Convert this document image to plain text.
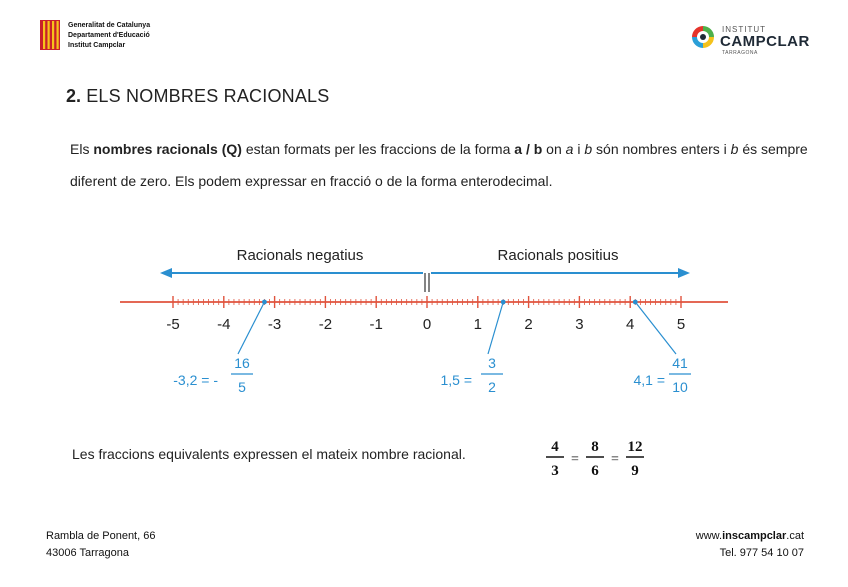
Generalitat de Catalunya
Departament d'Educació
Institut Campclar
INSTITUT
CAMPCLAR
TARRAGONA
2. ELS NOMBRES RACIONALS
Els nombres racionals (Q) estan formats per les fraccions de la forma a / b on a i b són nombres enters i b és sempre diferent de zero. Els podem expressar en fracció o de la forma enterodecimal.
Racionals negatius	Racionals positius
-5 -4 -3 -2 -1	0	1	2	3	4	5
-3,2 = -
16
5	1,5 =
3
2	4,1 =
41
10
Les fraccions equivalents expressen el mateix nombre racional.	4
3
=
8
6
=
12
9
Rambla de Ponent, 66
43006 Tarragona
www.inscampclar.cat
Tel. 977 54 10 07
